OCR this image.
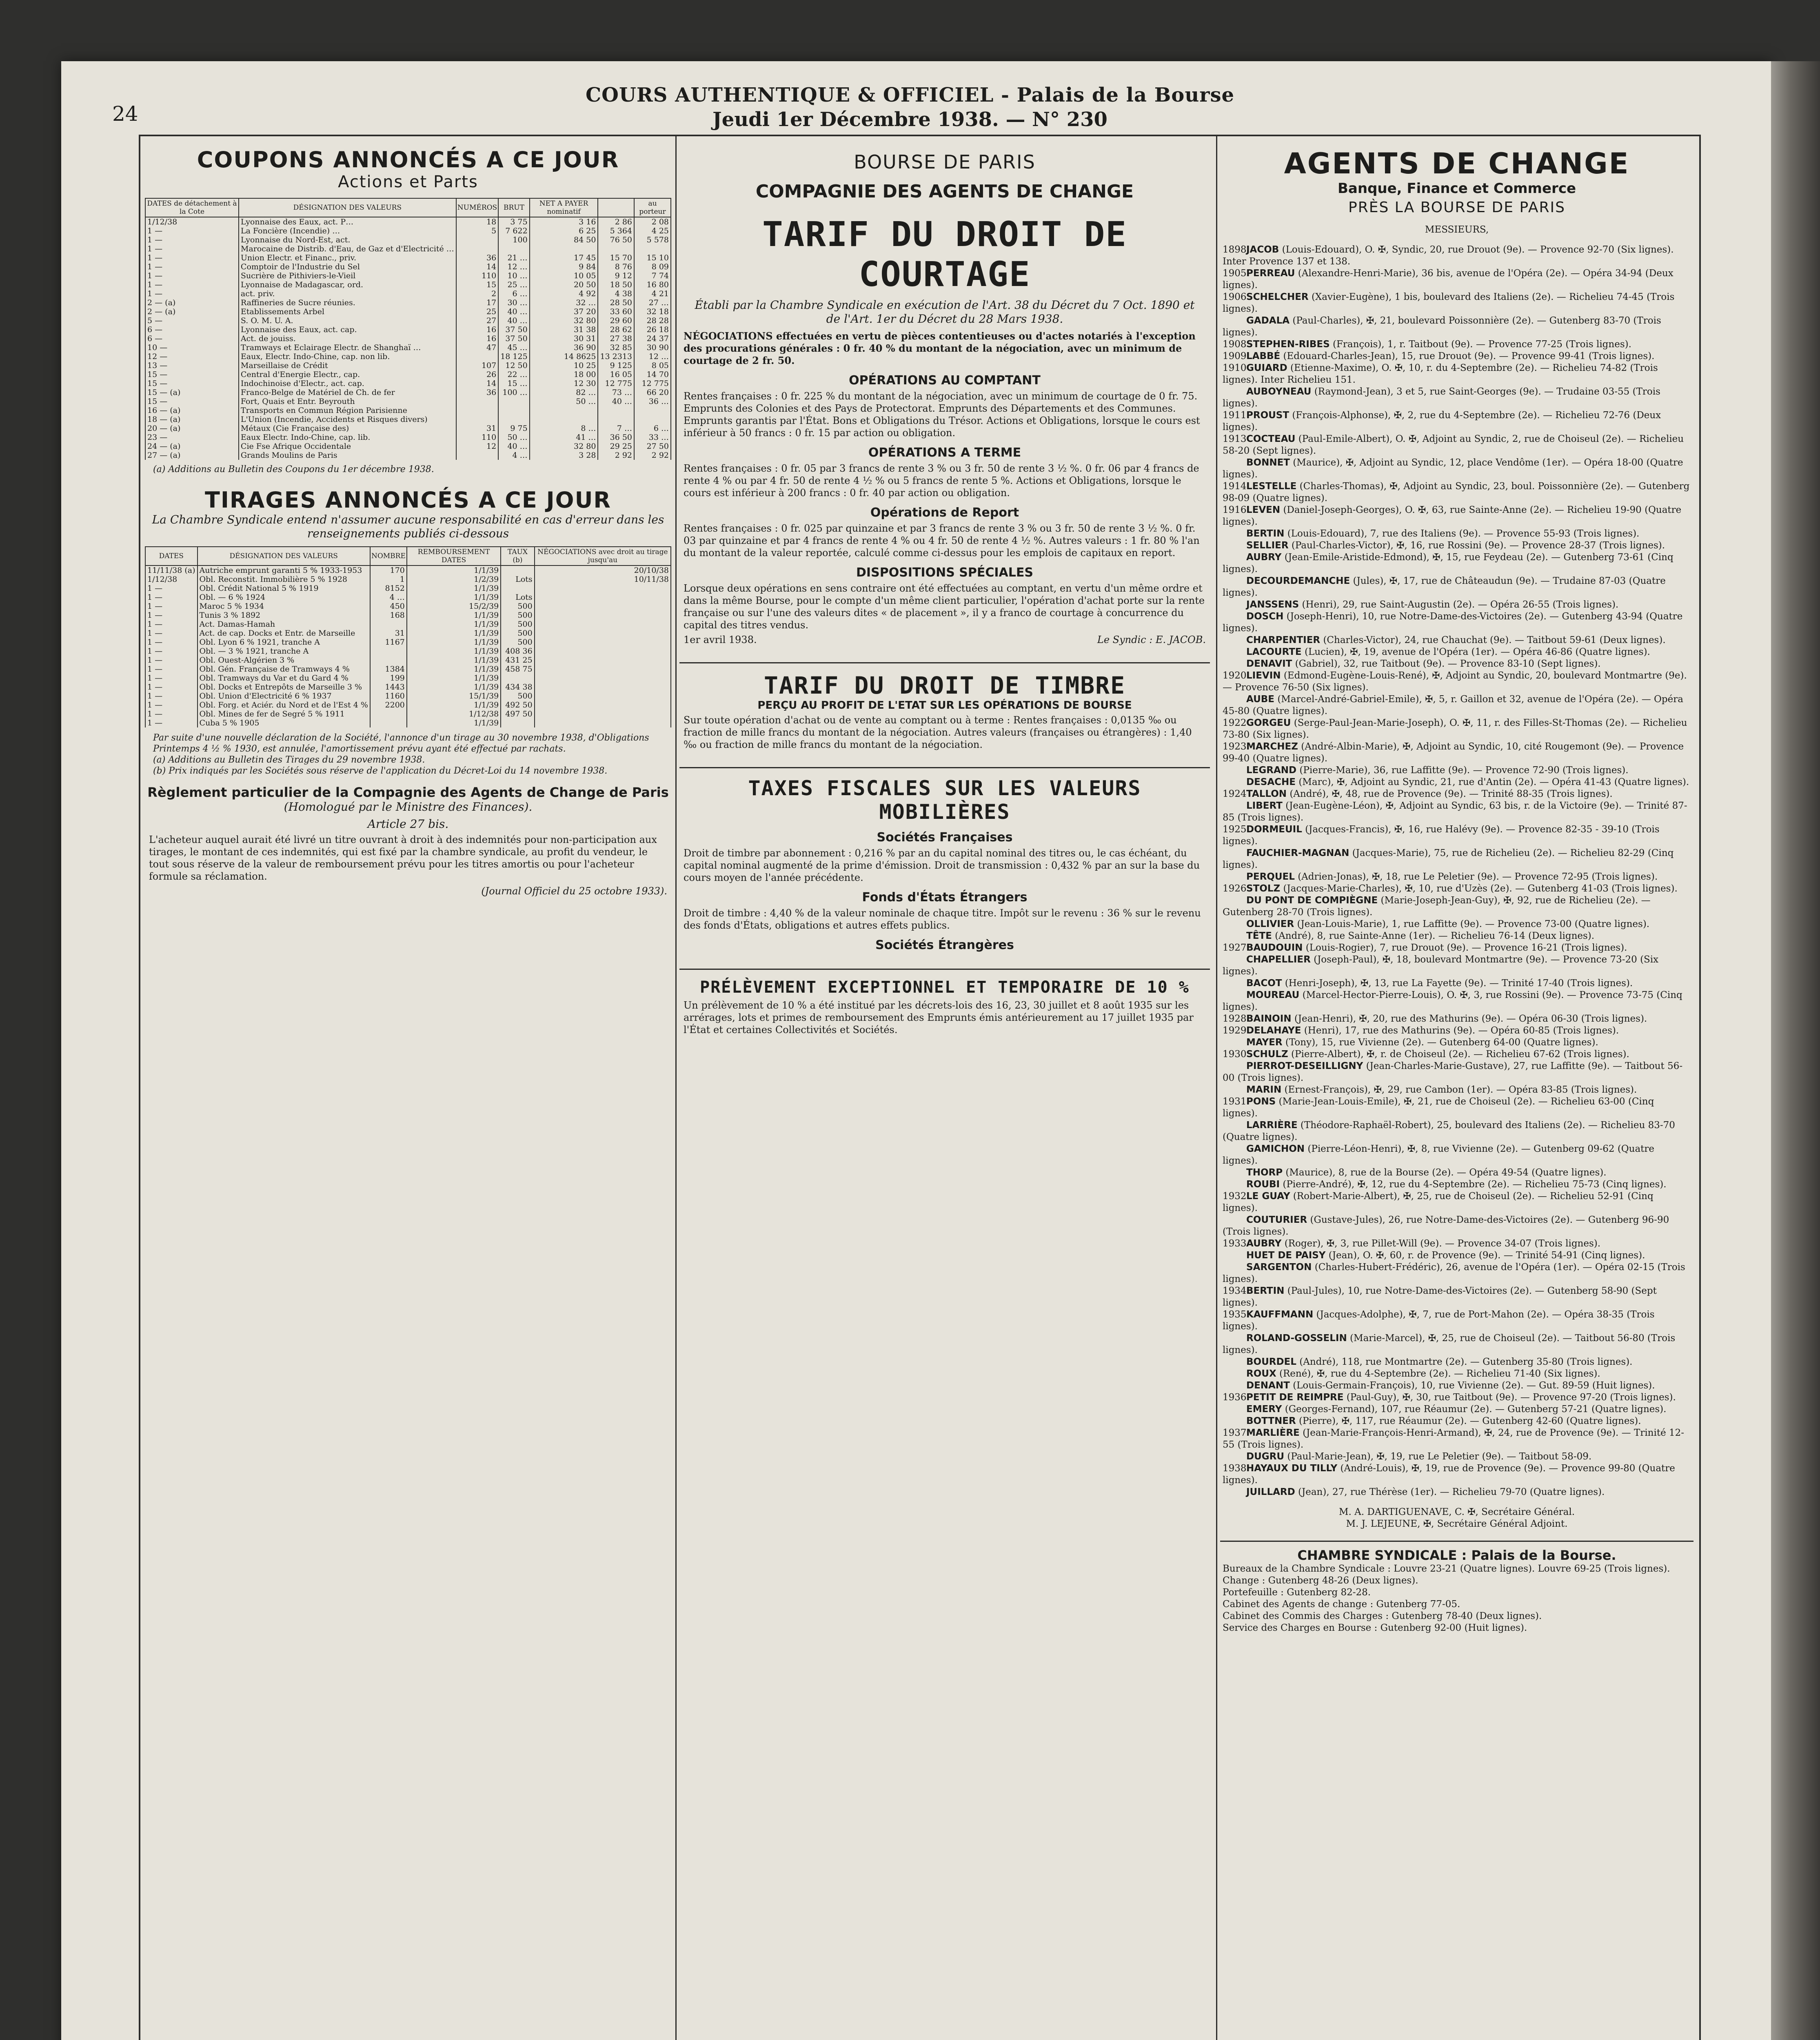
COURS AUTHENTIQUE & OFFICIEL - Palais de la Bourse
Jeudi 1er Décembre 1938. — N° 230
24
COUPONS ANNONCÉS A CE JOUR
Actions et Parts
DATES de détachement à la Cote	DÉSIGNATION DES VALEURS	NUMÉROS	BRUT	NET A PAYER nominatif		au porteur
1/12/38	Lyonnaise des Eaux, act. P…	18	3 75	3 16	2 86	2 08
1 —	La Foncière (Incendie) …	5	7 622	6 25	5 364	4 25
1 —	Lyonnaise du Nord-Est, act.		100	84 50	76 50	5 578
1 —	Marocaine de Distrib. d'Eau, de Gaz et d'Electricité …					
1 —	Union Electr. et Financ., priv.	36	21 …	17 45	15 70	15 10
1 —	Comptoir de l'Industrie du Sel	14	12 …	9 84	8 76	8 09
1 —	Sucrière de Pithiviers-le-Vieil	110	10 …	10 05	9 12	7 74
1 —	Lyonnaise de Madagascar, ord.	15	25 …	20 50	18 50	16 80
1 —	act. priv.	2	6 …	4 92	4 38	4 21
2 — (a)	Raffineries de Sucre réunies.	17	30 …	32 …	28 50	27 …
2 — (a)	Etablissements Arbel	25	40 …	37 20	33 60	32 18
5 —	S. O. M. U. A.	27	40 …	32 80	29 60	28 28
6 —	Lyonnaise des Eaux, act. cap.	16	37 50	31 38	28 62	26 18
6 —	Act. de jouiss.	16	37 50	30 31	27 38	24 37
10 —	Tramways et Eclairage Electr. de Shanghaï …	47	45 …	36 90	32 85	30 90
12 —	Eaux, Electr. Indo-Chine, cap. non lib.		18 125	14 8625	13 2313	12 …
13 —	Marseillaise de Crédit	107	12 50	10 25	9 125	8 05
15 —	Central d'Energie Electr., cap.	26	22 …	18 00	16 05	14 70
15 —	Indochinoise d'Electr., act. cap.	14	15 …	12 30	12 775	12 775
15 — (a)	Franco-Belge de Matériel de Ch. de fer	36	100 …	82 …	73 …	66 20
15 —	Fort, Quais et Entr. Beyrouth			50 …	40 …	36 …
16 — (a)	Transports en Commun Région Parisienne					
18 — (a)	L'Union (Incendie, Accidents et Risques divers)					
20 — (a)	Métaux (Cie Française des)	31	9 75	8 …	7 …	6 …
23 —	Eaux Electr. Indo-Chine, cap. lib.	110	50 …	41 …	36 50	33 …
24 — (a)	Cie Fse Afrique Occidentale	12	40 …	32 80	29 25	27 50
27 — (a)	Grands Moulins de Paris		4 …	3 28	2 92	2 92
(a) Additions au Bulletin des Coupons du 1er décembre 1938.
TIRAGES ANNONCÉS A CE JOUR
La Chambre Syndicale entend n'assumer aucune responsabilité en cas d'erreur dans les renseignements publiés ci-dessous
DATES	DÉSIGNATION DES VALEURS	NOMBRE	REMBOURSEMENT DATES	TAUX (b)	NÉGOCIATIONS avec droit au tirage jusqu'au
11/11/38 (a)	Autriche emprunt garanti 5 % 1933-1953	170	1/1/39		20/10/38
1/12/38	Obl. Reconstit. Immobilière 5 % 1928	1	1/2/39	Lots	10/11/38
1 —	Obl. Crédit National 5 % 1919	8152	1/1/39		
1 —	Obl. — 6 % 1924	4 …	1/1/39	Lots	
1 —	Maroc 5 % 1934	450	15/2/39	500	
1 —	Tunis 3 % 1892	168	1/1/39	500	
1 —	Act. Damas-Hamah		1/1/39	500	
1 —	Act. de cap. Docks et Entr. de Marseille	31	1/1/39	500	
1 —	Obl. Lyon 6 % 1921, tranche A	1167	1/1/39	500	
1 —	Obl. — 3 % 1921, tranche A		1/1/39	408 36	
1 —	Obl. Ouest-Algérien 3 %		1/1/39	431 25	
1 —	Obl. Gén. Française de Tramways 4 %	1384	1/1/39	458 75	
1 —	Obl. Tramways du Var et du Gard 4 %	199	1/1/39		
1 —	Obl. Docks et Entrepôts de Marseille 3 %	1443	1/1/39	434 38	
1 —	Obl. Union d'Electricité 6 % 1937	1160	15/1/39	500	
1 —	Obl. Forg. et Aciér. du Nord et de l'Est 4 %	2200	1/1/39	492 50	
1 —	Obl. Mines de fer de Segré 5 % 1911		1/12/38	497 50	
1 —	Cuba 5 % 1905		1/1/39		
Par suite d'une nouvelle déclaration de la Société, l'annonce d'un tirage au 30 novembre 1938, d'Obligations Printemps 4 ½ % 1930, est annulée, l'amortissement prévu ayant été effectué par rachats.
(a) Additions au Bulletin des Tirages du 29 novembre 1938.
(b) Prix indiqués par les Sociétés sous réserve de l'application du Décret-Loi du 14 novembre 1938.
Règlement particulier de la Compagnie des Agents de Change de Paris
(Homologué par le Ministre des Finances).
Article 27 bis.
L'acheteur auquel aurait été livré un titre ouvrant à droit à des indemnités pour non-participation aux tirages, le montant de ces indemnités, qui est fixé par la chambre syndicale, au profit du vendeur, le tout sous réserve de la valeur de remboursement prévu pour les titres amortis ou pour l'acheteur formule sa réclamation.
(Journal Officiel du 25 octobre 1933).
BOURSE DE PARIS
COMPAGNIE DES AGENTS DE CHANGE
TARIF DU DROIT DE COURTAGE
Établi par la Chambre Syndicale en exécution de l'Art. 38 du Décret du 7 Oct. 1890 et de l'Art. 1er du Décret du 28 Mars 1938.
NÉGOCIATIONS effectuées en vertu de pièces contentieuses ou d'actes notariés à l'exception des procurations générales : 0 fr. 40 % du montant de la négociation, avec un minimum de courtage de 2 fr. 50.
OPÉRATIONS AU COMPTANT
Rentes françaises : 0 fr. 225 % du montant de la négociation, avec un minimum de courtage de 0 fr. 75. Emprunts des Colonies et des Pays de Protectorat. Emprunts des Départements et des Communes. Emprunts garantis par l'État. Bons et Obligations du Trésor. Actions et Obligations, lorsque le cours est inférieur à 50 francs : 0 fr. 15 par action ou obligation.
OPÉRATIONS A TERME
Rentes françaises : 0 fr. 05 par 3 francs de rente 3 % ou 3 fr. 50 de rente 3 ½ %. 0 fr. 06 par 4 francs de rente 4 % ou par 4 fr. 50 de rente 4 ½ % ou 5 francs de rente 5 %. Actions et Obligations, lorsque le cours est inférieur à 200 francs : 0 fr. 40 par action ou obligation.
Opérations de Report
Rentes françaises : 0 fr. 025 par quinzaine et par 3 francs de rente 3 % ou 3 fr. 50 de rente 3 ½ %. 0 fr. 03 par quinzaine et par 4 francs de rente 4 % ou 4 fr. 50 de rente 4 ½ %. Autres valeurs : 1 fr. 80 % l'an du montant de la valeur reportée, calculé comme ci-dessus pour les emplois de capitaux en report.
DISPOSITIONS SPÉCIALES
Lorsque deux opérations en sens contraire ont été effectuées au comptant, en vertu d'un même ordre et dans la même Bourse, pour le compte d'un même client particulier, l'opération d'achat porte sur la rente française ou sur l'une des valeurs dites « de placement », il y a franco de courtage à concurrence du capital des titres vendus.
1er avril 1938.	Le Syndic : E. JACOB.
TARIF DU DROIT DE TIMBRE
PERÇU AU PROFIT DE L'ETAT SUR LES OPÉRATIONS DE BOURSE
Sur toute opération d'achat ou de vente au comptant ou à terme : Rentes françaises : 0,0135 ‰ ou fraction de mille francs du montant de la négociation. Autres valeurs (françaises ou étrangères) : 1,40 ‰ ou fraction de mille francs du montant de la négociation.
TAXES FISCALES SUR LES VALEURS MOBILIÈRES
Sociétés Françaises
Droit de timbre par abonnement : 0,216 % par an du capital nominal des titres ou, le cas échéant, du capital nominal augmenté de la prime d'émission. Droit de transmission : 0,432 % par an sur la base du cours moyen de l'année précédente.
Fonds d'États Étrangers
Droit de timbre : 4,40 % de la valeur nominale de chaque titre. Impôt sur le revenu : 36 % sur le revenu des fonds d'États, obligations et autres effets publics.
Sociétés Étrangères
PRÉLÈVEMENT EXCEPTIONNEL ET TEMPORAIRE DE 10 %
Un prélèvement de 10 % a été institué par les décrets-lois des 16, 23, 30 juillet et 8 août 1935 sur les arrérages, lots et primes de remboursement des Emprunts émis antérieurement au 17 juillet 1935 par l'État et certaines Collectivités et Sociétés.
AGENTS DE CHANGE
Banque, Finance et Commerce
PRÈS LA BOURSE DE PARIS
MESSIEURS,
1898JACOB (Louis-Edouard), O. ✠, Syndic, 20, rue Drouot (9e). — Provence 92-70 (Six lignes). Inter Provence 137 et 138.
1905PERREAU (Alexandre-Henri-Marie), 36 bis, avenue de l'Opéra (2e). — Opéra 34-94 (Deux lignes).
1906SCHELCHER (Xavier-Eugène), 1 bis, boulevard des Italiens (2e). — Richelieu 74-45 (Trois lignes).
GADALA (Paul-Charles), ✠, 21, boulevard Poissonnière (2e). — Gutenberg 83-70 (Trois lignes).
1908STEPHEN-RIBES (François), 1, r. Taitbout (9e). — Provence 77-25 (Trois lignes).
1909LABBÉ (Edouard-Charles-Jean), 15, rue Drouot (9e). — Provence 99-41 (Trois lignes).
1910GUIARD (Etienne-Maxime), O. ✠, 10, r. du 4-Septembre (2e). — Richelieu 74-82 (Trois lignes). Inter Richelieu 151.
AUBOYNEAU (Raymond-Jean), 3 et 5, rue Saint-Georges (9e). — Trudaine 03-55 (Trois lignes).
1911PROUST (François-Alphonse), ✠, 2, rue du 4-Septembre (2e). — Richelieu 72-76 (Deux lignes).
1913COCTEAU (Paul-Emile-Albert), O. ✠, Adjoint au Syndic, 2, rue de Choiseul (2e). — Richelieu 58-20 (Sept lignes).
BONNET (Maurice), ✠, Adjoint au Syndic, 12, place Vendôme (1er). — Opéra 18-00 (Quatre lignes).
1914LESTELLE (Charles-Thomas), ✠, Adjoint au Syndic, 23, boul. Poissonnière (2e). — Gutenberg 98-09 (Quatre lignes).
1916LEVEN (Daniel-Joseph-Georges), O. ✠, 63, rue Sainte-Anne (2e). — Richelieu 19-90 (Quatre lignes).
BERTIN (Louis-Edouard), 7, rue des Italiens (9e). — Provence 55-93 (Trois lignes).
SELLIER (Paul-Charles-Victor), ✠, 16, rue Rossini (9e). — Provence 28-37 (Trois lignes).
AUBRY (Jean-Emile-Aristide-Edmond), ✠, 15, rue Feydeau (2e). — Gutenberg 73-61 (Cinq lignes).
DECOURDEMANCHE (Jules), ✠, 17, rue de Châteaudun (9e). — Trudaine 87-03 (Quatre lignes).
JANSSENS (Henri), 29, rue Saint-Augustin (2e). — Opéra 26-55 (Trois lignes).
DOSCH (Joseph-Henri), 10, rue Notre-Dame-des-Victoires (2e). — Gutenberg 43-94 (Quatre lignes).
CHARPENTIER (Charles-Victor), 24, rue Chauchat (9e). — Taitbout 59-61 (Deux lignes).
LACOURTE (Lucien), ✠, 19, avenue de l'Opéra (1er). — Opéra 46-86 (Quatre lignes).
DENAVIT (Gabriel), 32, rue Taitbout (9e). — Provence 83-10 (Sept lignes).
1920LIEVIN (Edmond-Eugène-Louis-René), ✠, Adjoint au Syndic, 20, boulevard Montmartre (9e). — Provence 76-50 (Six lignes).
AUBE (Marcel-André-Gabriel-Emile), ✠, 5, r. Gaillon et 32, avenue de l'Opéra (2e). — Opéra 45-80 (Quatre lignes).
1922GORGEU (Serge-Paul-Jean-Marie-Joseph), O. ✠, 11, r. des Filles-St-Thomas (2e). — Richelieu 73-80 (Six lignes).
1923MARCHEZ (André-Albin-Marie), ✠, Adjoint au Syndic, 10, cité Rougemont (9e). — Provence 99-40 (Quatre lignes).
LEGRAND (Pierre-Marie), 36, rue Laffitte (9e). — Provence 72-90 (Trois lignes).
DESACHE (Marc), ✠, Adjoint au Syndic, 21, rue d'Antin (2e). — Opéra 41-43 (Quatre lignes).
1924TALLON (André), ✠, 48, rue de Provence (9e). — Trinité 88-35 (Trois lignes).
LIBERT (Jean-Eugène-Léon), ✠, Adjoint au Syndic, 63 bis, r. de la Victoire (9e). — Trinité 87-85 (Trois lignes).
1925DORMEUIL (Jacques-Francis), ✠, 16, rue Halévy (9e). — Provence 82-35 - 39-10 (Trois lignes).
FAUCHIER-MAGNAN (Jacques-Marie), 75, rue de Richelieu (2e). — Richelieu 82-29 (Cinq lignes).
PERQUEL (Adrien-Jonas), ✠, 18, rue Le Peletier (9e). — Provence 72-95 (Trois lignes).
1926STOLZ (Jacques-Marie-Charles), ✠, 10, rue d'Uzès (2e). — Gutenberg 41-03 (Trois lignes).
DU PONT DE COMPIÈGNE (Marie-Joseph-Jean-Guy), ✠, 92, rue de Richelieu (2e). — Gutenberg 28-70 (Trois lignes).
OLLIVIER (Jean-Louis-Marie), 1, rue Laffitte (9e). — Provence 73-00 (Quatre lignes).
TÊTE (André), 8, rue Sainte-Anne (1er). — Richelieu 76-14 (Deux lignes).
1927BAUDOUIN (Louis-Rogier), 7, rue Drouot (9e). — Provence 16-21 (Trois lignes).
CHAPELLIER (Joseph-Paul), ✠, 18, boulevard Montmartre (9e). — Provence 73-20 (Six lignes).
BACOT (Henri-Joseph), ✠, 13, rue La Fayette (9e). — Trinité 17-40 (Trois lignes).
MOUREAU (Marcel-Hector-Pierre-Louis), O. ✠, 3, rue Rossini (9e). — Provence 73-75 (Cinq lignes).
1928BAINOIN (Jean-Henri), ✠, 20, rue des Mathurins (9e). — Opéra 06-30 (Trois lignes).
1929DELAHAYE (Henri), 17, rue des Mathurins (9e). — Opéra 60-85 (Trois lignes).
MAYER (Tony), 15, rue Vivienne (2e). — Gutenberg 64-00 (Quatre lignes).
1930SCHULZ (Pierre-Albert), ✠, r. de Choiseul (2e). — Richelieu 67-62 (Trois lignes).
PIERROT-DESEILLIGNY (Jean-Charles-Marie-Gustave), 27, rue Laffitte (9e). — Taitbout 56-00 (Trois lignes).
MARIN (Ernest-François), ✠, 29, rue Cambon (1er). — Opéra 83-85 (Trois lignes).
1931PONS (Marie-Jean-Louis-Emile), ✠, 21, rue de Choiseul (2e). — Richelieu 63-00 (Cinq lignes).
LARRIÈRE (Théodore-Raphaël-Robert), 25, boulevard des Italiens (2e). — Richelieu 83-70 (Quatre lignes).
GAMICHON (Pierre-Léon-Henri), ✠, 8, rue Vivienne (2e). — Gutenberg 09-62 (Quatre lignes).
THORP (Maurice), 8, rue de la Bourse (2e). — Opéra 49-54 (Quatre lignes).
ROUBI (Pierre-André), ✠, 12, rue du 4-Septembre (2e). — Richelieu 75-73 (Cinq lignes).
1932LE GUAY (Robert-Marie-Albert), ✠, 25, rue de Choiseul (2e). — Richelieu 52-91 (Cinq lignes).
COUTURIER (Gustave-Jules), 26, rue Notre-Dame-des-Victoires (2e). — Gutenberg 96-90 (Trois lignes).
1933AUBRY (Roger), ✠, 3, rue Pillet-Will (9e). — Provence 34-07 (Trois lignes).
HUET DE PAISY (Jean), O. ✠, 60, r. de Provence (9e). — Trinité 54-91 (Cinq lignes).
SARGENTON (Charles-Hubert-Frédéric), 26, avenue de l'Opéra (1er). — Opéra 02-15 (Trois lignes).
1934BERTIN (Paul-Jules), 10, rue Notre-Dame-des-Victoires (2e). — Gutenberg 58-90 (Sept lignes).
1935KAUFFMANN (Jacques-Adolphe), ✠, 7, rue de Port-Mahon (2e). — Opéra 38-35 (Trois lignes).
ROLAND-GOSSELIN (Marie-Marcel), ✠, 25, rue de Choiseul (2e). — Taitbout 56-80 (Trois lignes).
BOURDEL (André), 118, rue Montmartre (2e). — Gutenberg 35-80 (Trois lignes).
ROUX (René), ✠, rue du 4-Septembre (2e). — Richelieu 71-40 (Six lignes).
DENANT (Louis-Germain-François), 10, rue Vivienne (2e). — Gut. 89-59 (Huit lignes).
1936PETIT DE REIMPRE (Paul-Guy), ✠, 30, rue Taitbout (9e). — Provence 97-20 (Trois lignes).
EMERY (Georges-Fernand), 107, rue Réaumur (2e). — Gutenberg 57-21 (Quatre lignes).
BOTTNER (Pierre), ✠, 117, rue Réaumur (2e). — Gutenberg 42-60 (Quatre lignes).
1937MARLIÈRE (Jean-Marie-François-Henri-Armand), ✠, 24, rue de Provence (9e). — Trinité 12-55 (Trois lignes).
DUGRU (Paul-Marie-Jean), ✠, 19, rue Le Peletier (9e). — Taitbout 58-09.
1938HAYAUX DU TILLY (André-Louis), ✠, 19, rue de Provence (9e). — Provence 99-80 (Quatre lignes).
JUILLARD (Jean), 27, rue Thérèse (1er). — Richelieu 79-70 (Quatre lignes).
M. A. DARTIGUENAVE, C. ✠, Secrétaire Général.
M. J. LEJEUNE, ✠, Secrétaire Général Adjoint.
CHAMBRE SYNDICALE : Palais de la Bourse.
Bureaux de la Chambre Syndicale : Louvre 23-21 (Quatre lignes). Louvre 69-25 (Trois lignes).
Change : Gutenberg 48-26 (Deux lignes).
Portefeuille : Gutenberg 82-28.
Cabinet des Agents de change : Gutenberg 77-05.
Cabinet des Commis des Charges : Gutenberg 78-40 (Deux lignes).
Service des Charges en Bourse : Gutenberg 92-00 (Huit lignes).
